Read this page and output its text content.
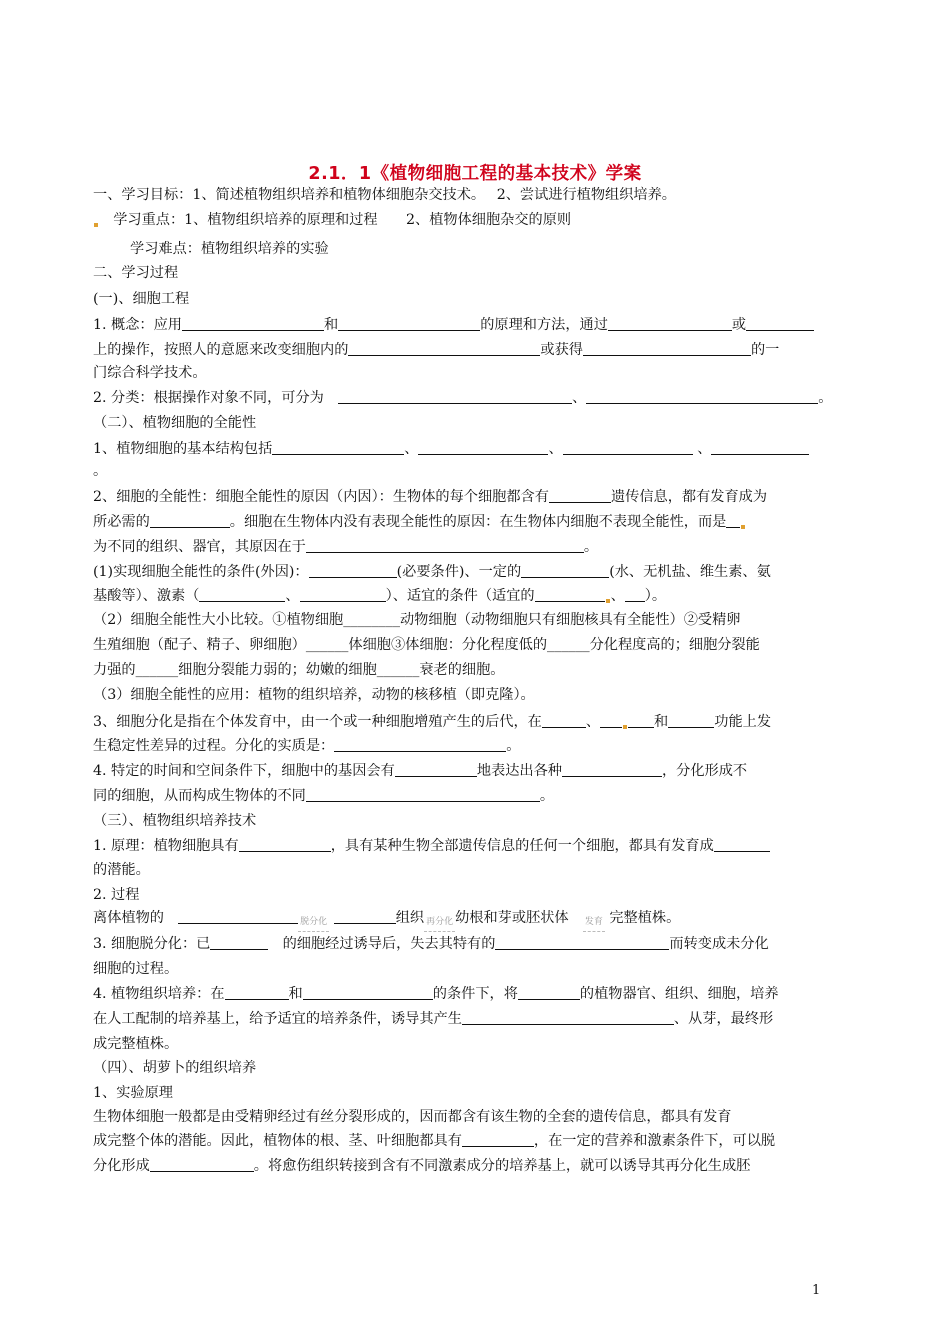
2.1．1《植物细胞工程的基本技术》学案
一、学习目标：1、简述植物组织培养和植物体细胞杂交技术。　 2、尝试进行植物组织培养。
　学习重点：1、植物组织培养的原理和过程　　2、植物体细胞杂交的原则
学习难点：植物组织培养的实验
二、学习过程
(一)、细胞工程
1. 概念：应用	和	的原理和方法，通过	或
上的操作，按照人的意愿来改变细胞内的	或获得	的一
门综合科学技术。
2. 分类：根据操作对象不同，可分为　	、	。
（二）、植物细胞的全能性
1、植物细胞的基本结构包括	、	、	、
。
2、细胞的全能性：细胞全能性的原因（内因）：生物体的每个细胞都含有	遗传信息，都有发育成为
所必需的	。细胞在生物体内没有表现全能性的原因：在生物体内细胞不表现全能性，而是
为不同的组织、器官，其原因在于	。
(1)实现细胞全能性的条件(外因)：	(必要条件)、一定的	(水、无机盐、维生素、氨
基酸等）、激素（	、	）、适宜的条件（适宜的	、 ）。
（2）细胞全能性大小比较。①植物细胞________动物细胞（动物细胞只有细胞核具有全能性）②受精卵
生殖细胞（配子、精子、卵细胞）______体细胞③体细胞：分化程度低的______分化程度高的；细胞分裂能
力强的______细胞分裂能力弱的；幼嫩的细胞______衰老的细胞。
（3）细胞全能性的应用：植物的组织培养，动物的核移植（即克隆）。
3、细胞分化是指在个体发育中，由一个或一种细胞增殖产生的后代，在	、	和	功能上发
生稳定性差异的过程。分化的实质是：	。
4. 特定的时间和空间条件下，细胞中的基因会有	地表达出各种	，分化形成不
同的细胞，从而构成生物体的不同	。
（三）、植物组织培养技术
1. 原理：植物细胞具有	，具有某种生物全部遗传信息的任何一个细胞，都具有发育成
的潜能。
2. 过程
离体植物的　	脱分化	组织 再分化 幼根和芽或胚状体　 发育 完整植株。
3. 细胞脱分化：已　	的细胞经过诱导后，失去其特有的	而转变成未分化
细胞的过程。
4. 植物组织培养：在	和	的条件下，将	的植物器官、组织、细胞，培养
在人工配制的培养基上，给予适宜的培养条件，诱导其产生	、从芽，最终形
成完整植株。
（四）、胡萝卜的组织培养
1、实验原理
生物体细胞一般都是由受精卵经过有丝分裂形成的，因而都含有该生物的全套的遗传信息，都具有发育
成完整个体的潜能。因此，植物体的根、茎、叶细胞都具有	，在一定的营养和激素条件下，可以脱
分化形成	。将愈伤组织转接到含有不同激素成分的培养基上，就可以诱导其再分化生成胚
1
